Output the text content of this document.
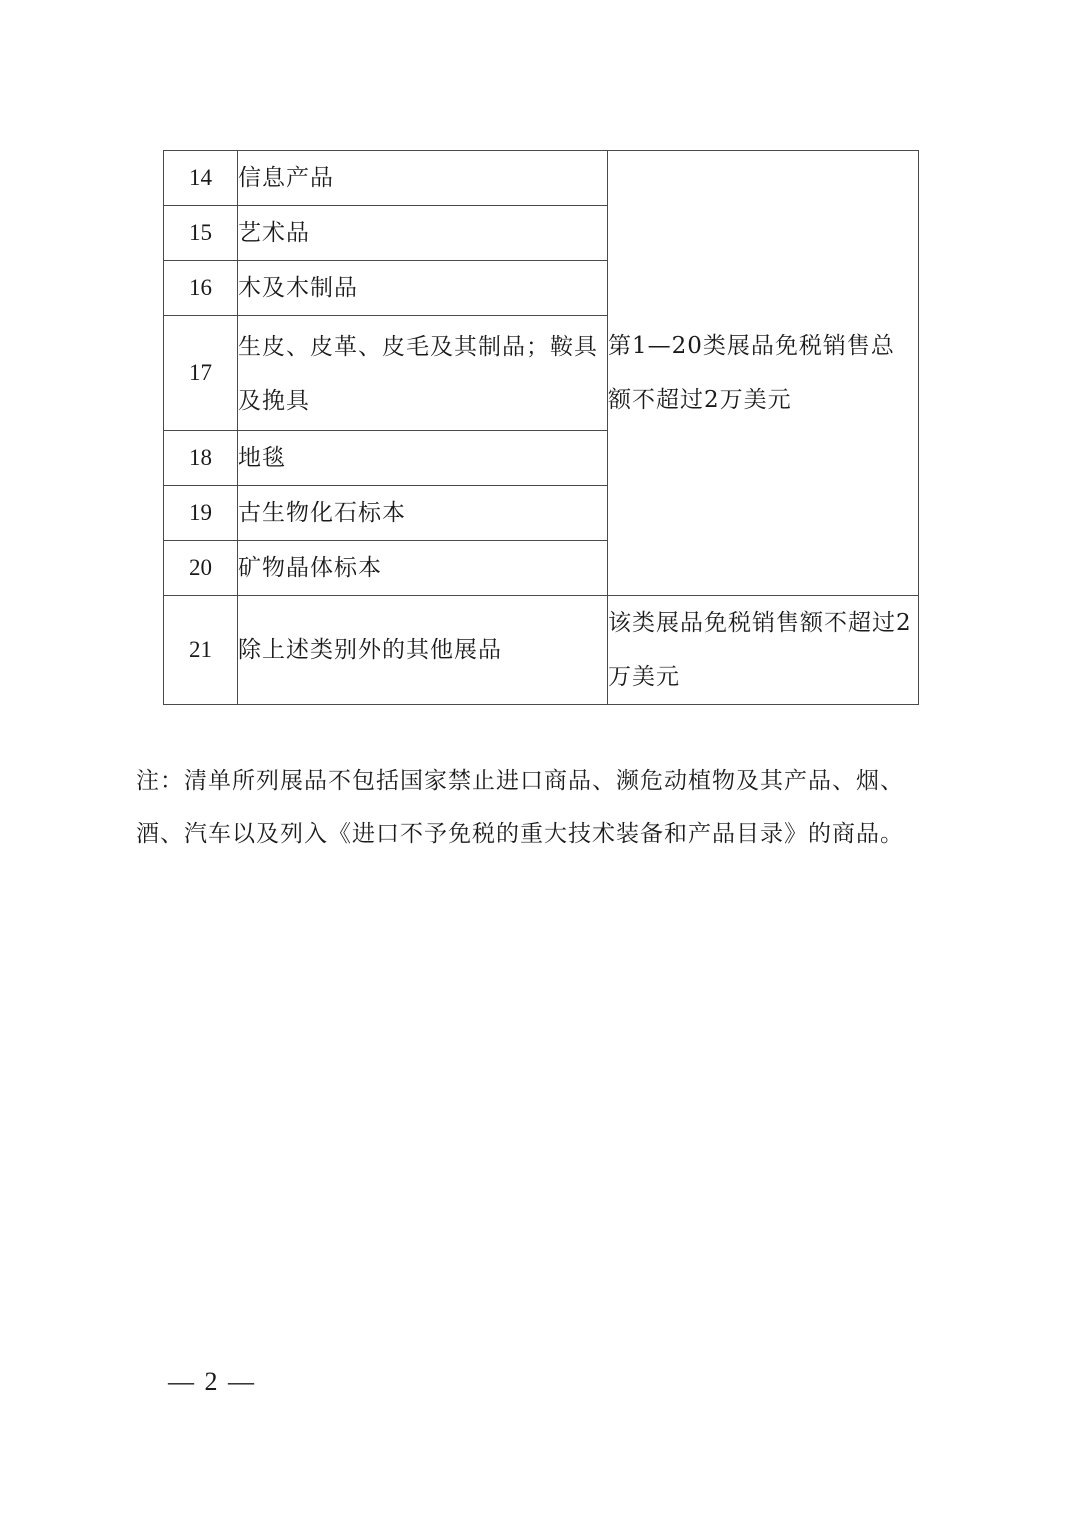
14	信息产品	第1—20类展品免税销售总额不超过2万美元
15	艺术品	
16	木及木制品	
17	生皮、皮革、皮毛及其制品；鞍具及挽具	
18	地毯	
19	古生物化石标本	
20	矿物晶体标本	
21	除上述类别外的其他展品	该类展品免税销售额不超过2万美元

注：清单所列展品不包括国家禁止进口商品、濒危动植物及其产品、烟、酒、汽车以及列入《进口不予免税的重大技术装备和产品目录》的商品。

— 2 —
